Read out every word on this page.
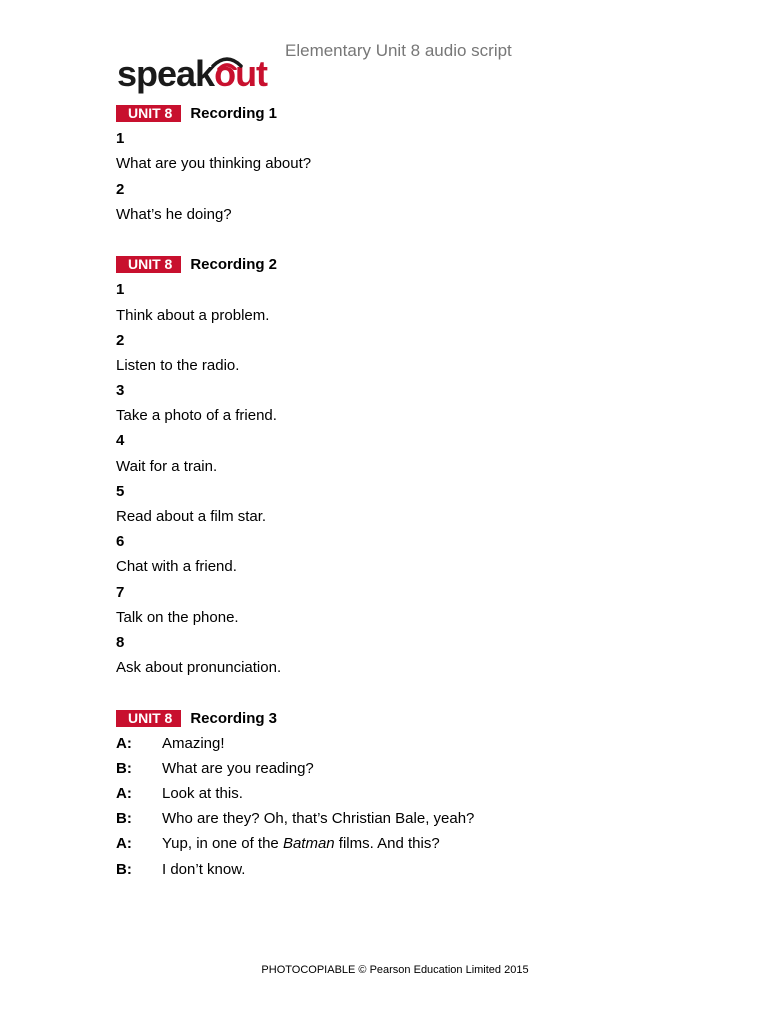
speakout
Elementary Unit 8 audio script
UNIT 8	Recording 1
1
What are you thinking about?
2
What’s he doing?
UNIT 8	Recording 2
1
Think about a problem.
2
Listen to the radio.
3
Take a photo of a friend.
4
Wait for a train.
5
Read about a film star.
6
Chat with a friend.
7
Talk on the phone.
8
Ask about pronunciation.
UNIT 8	Recording 3
A:	Amazing!
B:	What are you reading?
A:	Look at this.
B:	Who are they? Oh, that’s Christian Bale, yeah?
A:	Yup, in one of the Batman films. And this?
B:	I don’t know.
PHOTOCOPIABLE © Pearson Education Limited 2015
